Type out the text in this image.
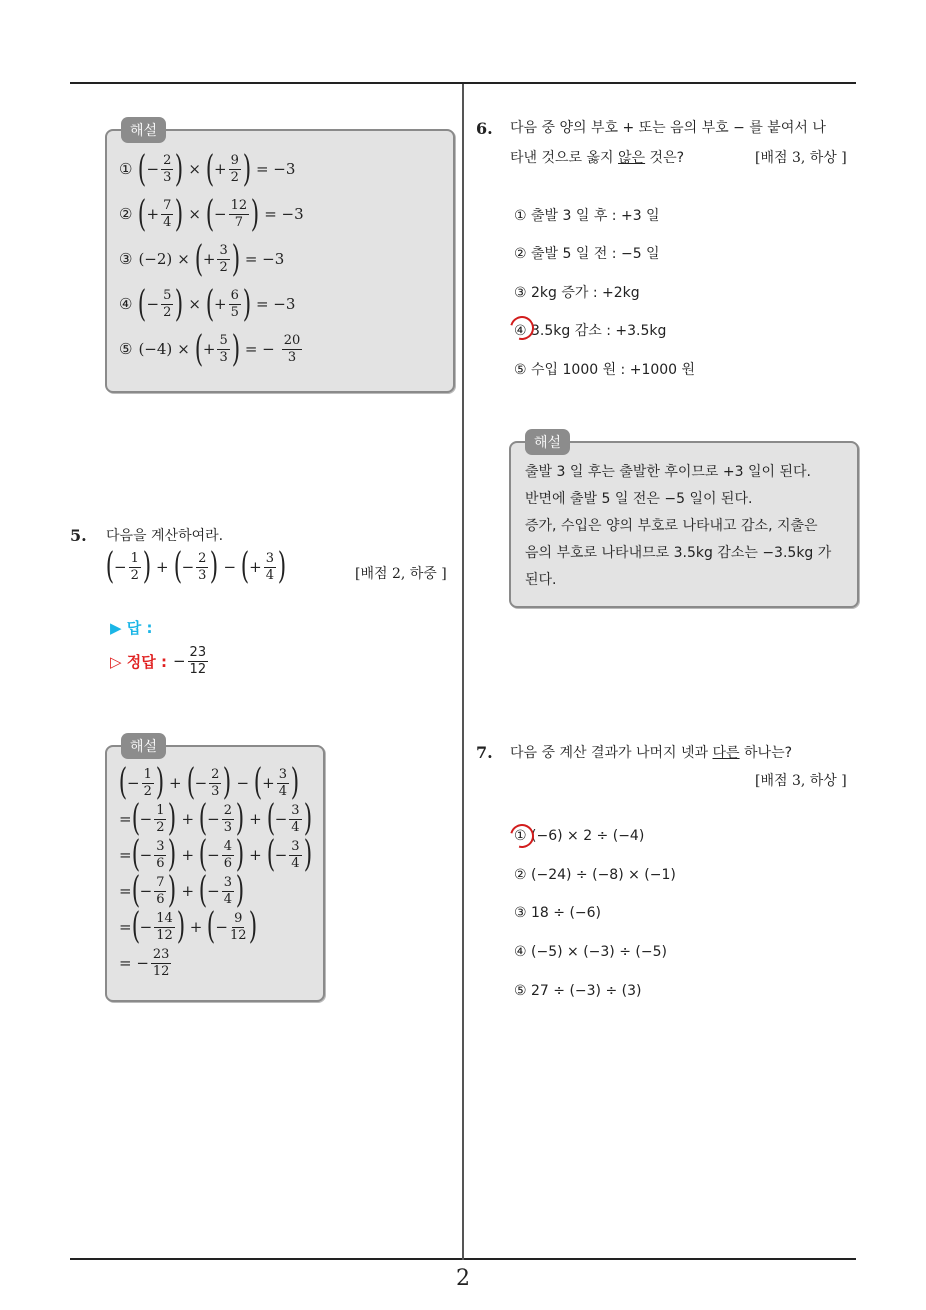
해설
① ( − $\frac{2}{3}$ ) × ( + $\frac{9}{2}$ ) = −3
② ( + $\frac{7}{4}$ ) × ( − $\frac{12}{7}$ ) = −3
③ (−2) × ( + $\frac{3}{2}$ ) = −3
④ ( − $\frac{5}{2}$ ) × ( + $\frac{6}{5}$ ) = −3
⑤ (−4) × ( + $\frac{5}{3}$ ) = − $\frac{20}{3}$
5. 다음을 계산하여라.
( − $\frac{1}{2}$ ) + ( − $\frac{2}{3}$ ) − ( + $\frac{3}{4}$ )	[배점 2, 하중 ]
▶ 답 :
▷ 정답 : − $\frac{23}{12}$
해설
( − $\frac{1}{2}$ ) + ( − $\frac{2}{3}$ ) − ( + $\frac{3}{4}$ )
= ( − $\frac{1}{2}$ ) + ( − $\frac{2}{3}$ ) + ( − $\frac{3}{4}$ )
= ( − $\frac{3}{6}$ ) + ( − $\frac{4}{6}$ ) + ( − $\frac{3}{4}$ )
= ( − $\frac{7}{6}$ ) + ( − $\frac{3}{4}$ )
= ( − $\frac{14}{12}$ ) + ( − $\frac{9}{12}$ )
= − $\frac{23}{12}$
6. 다음 중 양의 부호 + 또는 음의 부호 − 를 붙여서 나
타낸 것으로 옳지 않은 것은?	[배점 3, 하상 ]
① 출발 3 일 후 : +3 일
② 출발 5 일 전 : −5 일
③ 2kg 증가 : +2kg
④ 3.5kg 감소 : +3.5kg
⑤ 수입 1000 원 : +1000 원
해설
출발 3 일 후는 출발한 후이므로 +3 일이 된다.
반면에 출발 5 일 전은 −5 일이 된다.
증가, 수입은 양의 부호로 나타내고 감소, 지출은
음의 부호로 나타내므로 3.5kg 감소는 −3.5kg 가
된다.
7. 다음 중 계산 결과가 나머지 넷과 다른 하나는?
[배점 3, 하상 ]
① (−6) × 2 ÷ (−4)
② (−24) ÷ (−8) × (−1)
③ 18 ÷ (−6)
④ (−5) × (−3) ÷ (−5)
⑤ 27 ÷ (−3) ÷ (3)
2
